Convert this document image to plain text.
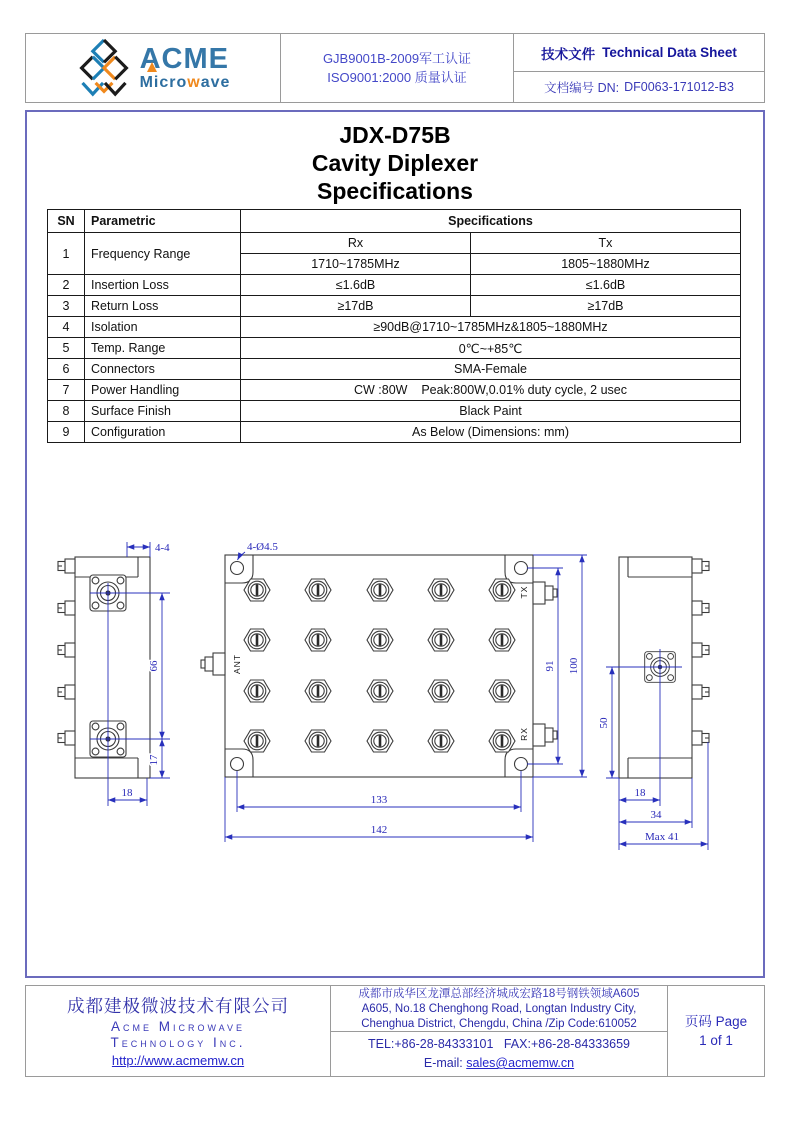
ACME
Microwave
GJB9001B-2009军工认证
ISO9001:2000 质量认证
技术文件 Technical Data Sheet
文档编号 DN: DF0063-171012-B3
JDX-D75B
Cavity Diplexer
Specifications
SN	Parametric	Specifications	
1	Frequency Range	Rx	Tx
		1710~1785MHz	1805~1880MHz
2	Insertion Loss	≤1.6dB	≤1.6dB
3	Return Loss	≥17dB	≥17dB
4	Isolation	≥90dB@1710~1785MHz&1805~1880MHz	
5	Temp. Range	0℃~+85℃	
6	Connectors	SMA-Female	
7	Power Handling	CW :80W    Peak:800W,0.01% duty cycle, 2 usec	
8	Surface Finish	Black Paint	
9	Configuration	As Below (Dimensions: mm)	
4-4
66
17
18
ANT
TX
RX
4-Ø4.5
133
142
91 100
50
18
34
Max 41
成都建极微波技术有限公司
Acme Microwave
Technology Inc.
http://www.acmemw.cn
成都市成华区龙潭总部经济城成宏路18号钢铁领域A605
A605, No.18 Chenghong Road, Longtan Industry City,
Chenghua District, Chengdu, China /Zip Code:610052
TEL:+86-28-84333101 FAX:+86-28-84333659
E-mail: sales@acmemw.cn
页码 Page
1 of 1
